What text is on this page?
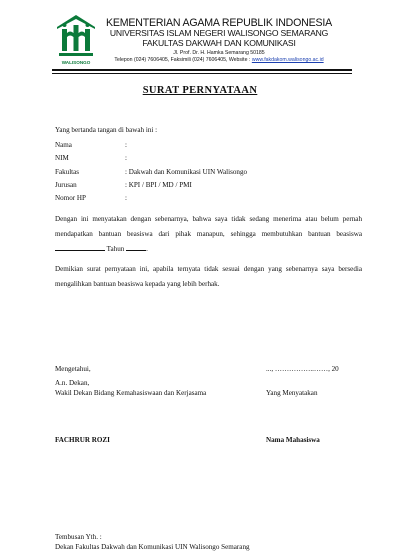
WALISONGO
KEMENTERIAN AGAMA REPUBLIK INDONESIA
UNIVERSITAS ISLAM NEGERI WALISONGO SEMARANG
FAKULTAS DAKWAH DAN KOMUNIKASI
Jl. Prof. Dr. H. Hamka Semarang 50185
Telepon (024) 7606405, Faksimili (024) 7606405, Website : www.fakdakom.walisongo.ac.id
SURAT PERNYATAAN
Yang bertanda tangan di bawah ini :
Nama	:
NIM	:
Fakultas	: Dakwah dan Komunikasi UIN Walisongo
Jurusan	: KPI / BPI / MD / PMI
Nomor HP	:
Dengan ini menyatakan dengan sebenarnya, bahwa saya tidak sedang menerima atau belum pernah mendapatkan bantuan beasiswa dari pihak manapun, sehingga membutuhkan bantuan beasiswa  Tahun	.
Demikian surat pernyataan ini, apabila ternyata tidak sesuai dengan yang sebenarnya saya bersedia mengalihkan bantuan beasiswa kepada yang lebih berhak.
Mengetahui,	..., ……………..……, 20
A.n. Dekan,
Wakil Dekan Bidang Kemahasiswaan dan Kerjasama	Yang Menyatakan
FACHRUR ROZI	Nama Mahasiswa
Tembusan Yth. :
Dekan Fakultas Dakwah dan Komunikasi UIN Walisongo Semarang
